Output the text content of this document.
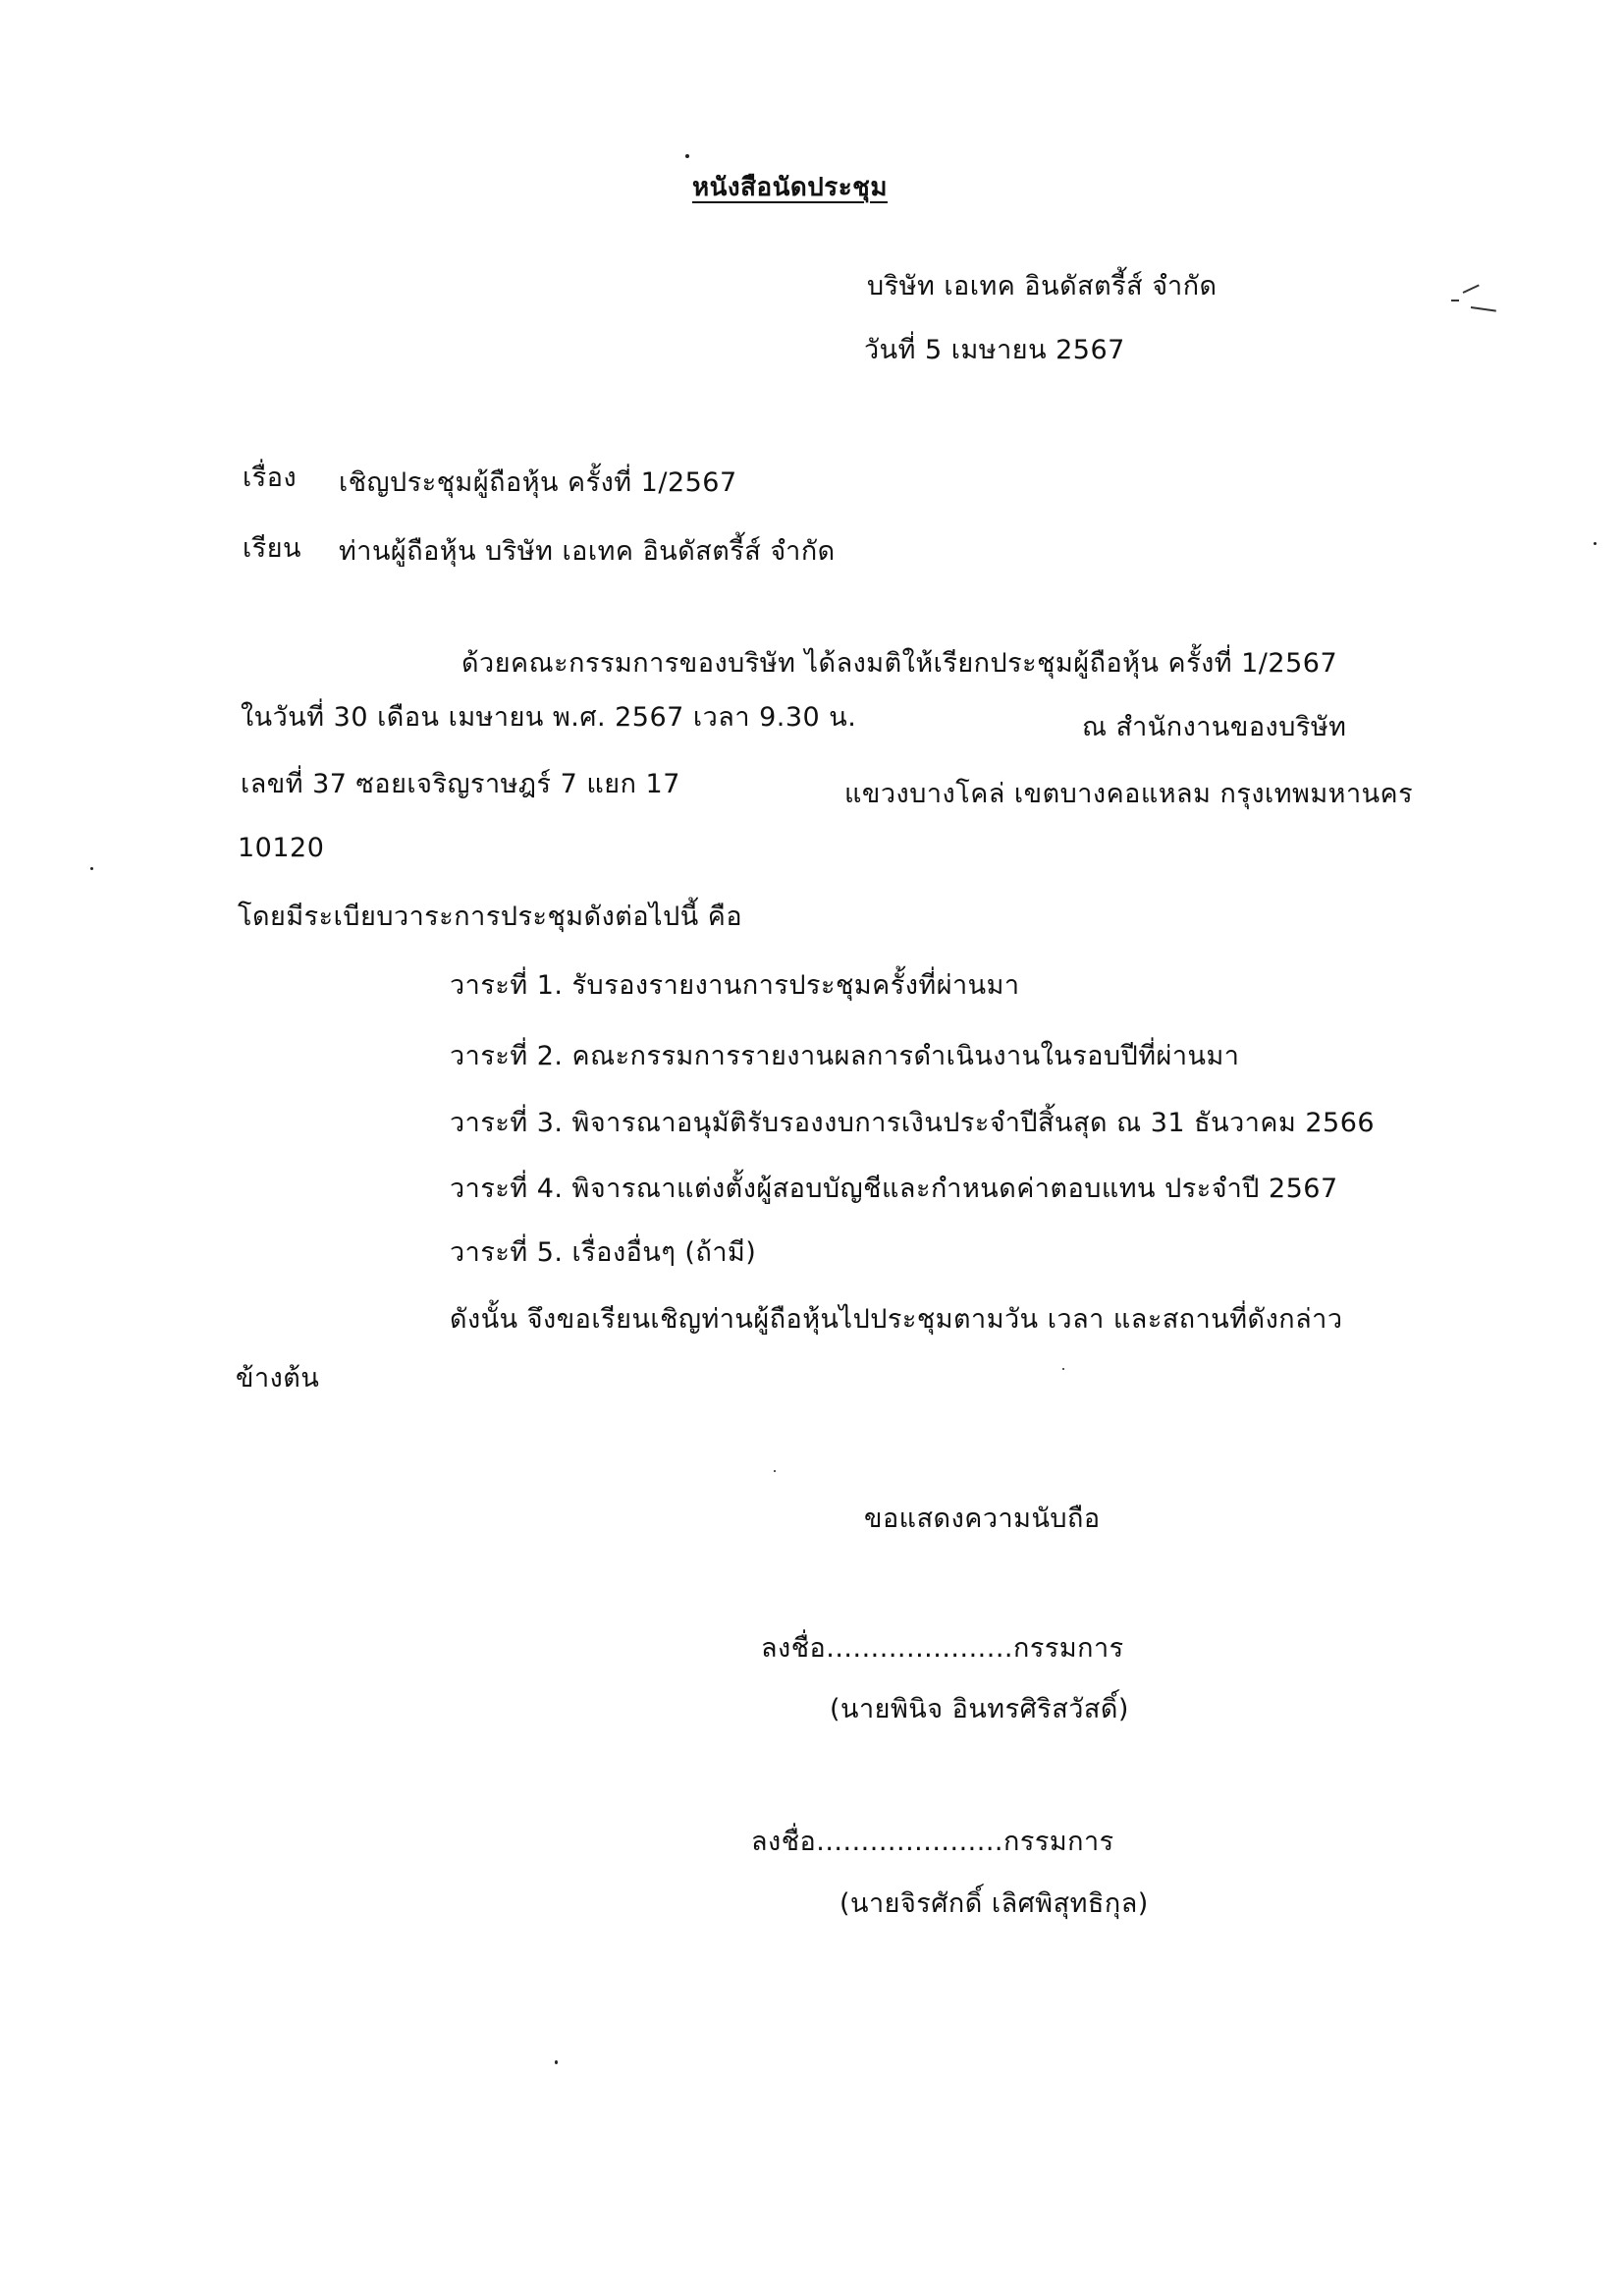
หนังสือนัดประชุม
บริษัท เอเทค อินดัสตรี้ส์ จำกัด
วันที่ 5 เมษายน 2567
เรื่อง เชิญประชุมผู้ถือหุ้น ครั้งที่ 1/2567
เรียน ท่านผู้ถือหุ้น บริษัท เอเทค อินดัสตรี้ส์ จำกัด
ด้วยคณะกรรมการของบริษัท ได้ลงมติให้เรียกประชุมผู้ถือหุ้น ครั้งที่ 1/2567
ในวันที่ 30 เดือน เมษายน พ.ศ. 2567 เวลา 9.30 น.	ณ สำนักงานของบริษัท
เลขที่ 37 ซอยเจริญราษฎร์ 7 แยก 17	แขวงบางโคล่ เขตบางคอแหลม กรุงเทพมหานคร
10120
โดยมีระเบียบวาระการประชุมดังต่อไปนี้ คือ
วาระที่ 1. รับรองรายงานการประชุมครั้งที่ผ่านมา
วาระที่ 2. คณะกรรมการรายงานผลการดำเนินงานในรอบปีที่ผ่านมา
วาระที่ 3. พิจารณาอนุมัติรับรองงบการเงินประจำปีสิ้นสุด ณ 31 ธันวาคม 2566
วาระที่ 4. พิจารณาแต่งตั้งผู้สอบบัญชีและกำหนดค่าตอบแทน ประจำปี 2567
วาระที่ 5. เรื่องอื่นๆ (ถ้ามี)
ดังนั้น จึงขอเรียนเชิญท่านผู้ถือหุ้นไปประชุมตามวัน เวลา และสถานที่ดังกล่าว
ข้างต้น
ขอแสดงความนับถือ
ลงชื่อ.....................กรรมการ
(นายพินิจ อินทรศิริสวัสดิ์)
ลงชื่อ.....................กรรมการ
(นายจิรศักดิ์ เลิศพิสุทธิกุล)
